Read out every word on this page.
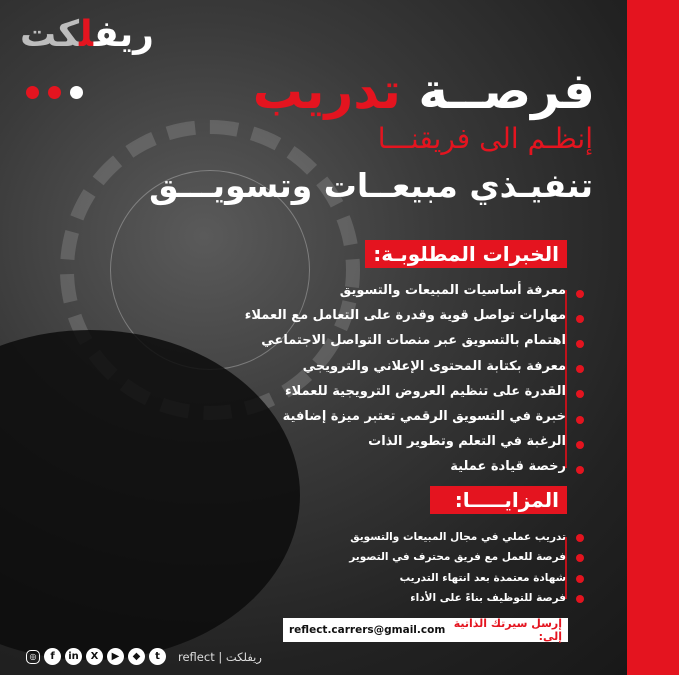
ريفلكت
فرصــة تدريب
إنظـم الى فريقنـــا
تنفيـذي مبيعــات وتسويـــق
الخبرات المطلوبـة:
معرفة أساسيات المبيعات والتسويق
مهارات تواصل قوية وقدرة على التعامل مع العملاء
اهتمام بالتسويق عبر منصات التواصل الاجتماعي
معرفة بكتابة المحتوى الإعلاني والترويجي
القدرة على تنظيم العروض الترويجية للعملاء
خبرة في التسويق الرقمي تعتبر ميزة إضافية
الرغبة في التعلم وتطوير الذات
رخصة قيادة عملية
المزايـــــا:
تدريب عملي في مجال المبيعات والتسويق
فرصة للعمل مع فريق محترف في التصوير
شهادة معتمدة بعد انتهاء التدريب
فرصة للتوظيف بناءً على الأداء
إرسل سيرتك الذاتية إلى:
reflect.carrers@gmail.com
◎	f	in	X	▶	◆	t	reflect | ريفلكت
